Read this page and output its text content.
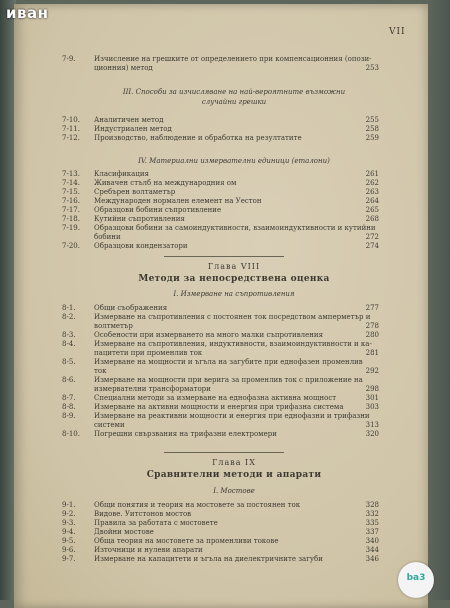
VII
7-9.	Изчисление на грешките от определението при компенсационния (опози-
ционния) метод	253
III. Способи за изчисляване на най-вероятните възможни
случайни грешки
7-10. Аналитичен метод	255
7-11. Индустриален метод	258
7-12. Производство, наблюдение и обработка на резултатите	259
IV. Материални измервателни единици (еталони)
7-13. Класификация	261
7-14. Живачен стълб на международния ом	262
7-15. Сребърен волтаметър	263
7-16. Международен нормален елемент на Уестон	264
7-17. Образцови бобини съпротивление	265
7-18. Кутийни съпротивления	268
7-19. Образцови бобини за самоиндуктивности, взаимоиндуктивности и кутийни
бобини	272
7-20. Образцови кондензатори	274
Глава VIII
Методи за непосредствена оценка
I. Измерване на съпротивления
8-1.	Общи съображения	277
8-2.	Измерване на съпротивления с постоянен ток посредством амперметър и
волтметър	278
8-3.	Особености при измерването на много малки съпротивления	280
8-4.	Измерване на съпротивления, индуктивности, взаимоиндуктивности и ка-
пацитети при променлив ток	281
8-5.	Измерване на мощности и ъгъла на загубите при еднофазен променлив
ток	292
8-6.	Измерване на мощности при верига за променлив ток с приложение на
измервателни трансформатори	298
8-7.	Специални методи за измерване на еднофазна активна мощност	301
8-8.	Измерване на активни мощности и енергия при трифазна система	303
8-9.	Измерване на реактивни мощности и енергия при еднофазни и трифазни
системи	313
8-10. Погрешни свързвания на трифазни електромери	320
Глава IX
Сравнителни методи и апарати
I. Мостове
9-1.	Общи понятия и теория на мостовете за постоянен ток	328
9-2.	Видове. Уитстонов мостов	332
9-3.	Правила за работата с мостовете	335
9-4.	Двойни мостове	337
9-5.	Обща теория на мостовете за променливи токове	340
9-6.	Източници и нулеви апарати	344
9-7.	Измерване на капацитети и ъгъла на диелектричните загуби	346
иван
ba3
